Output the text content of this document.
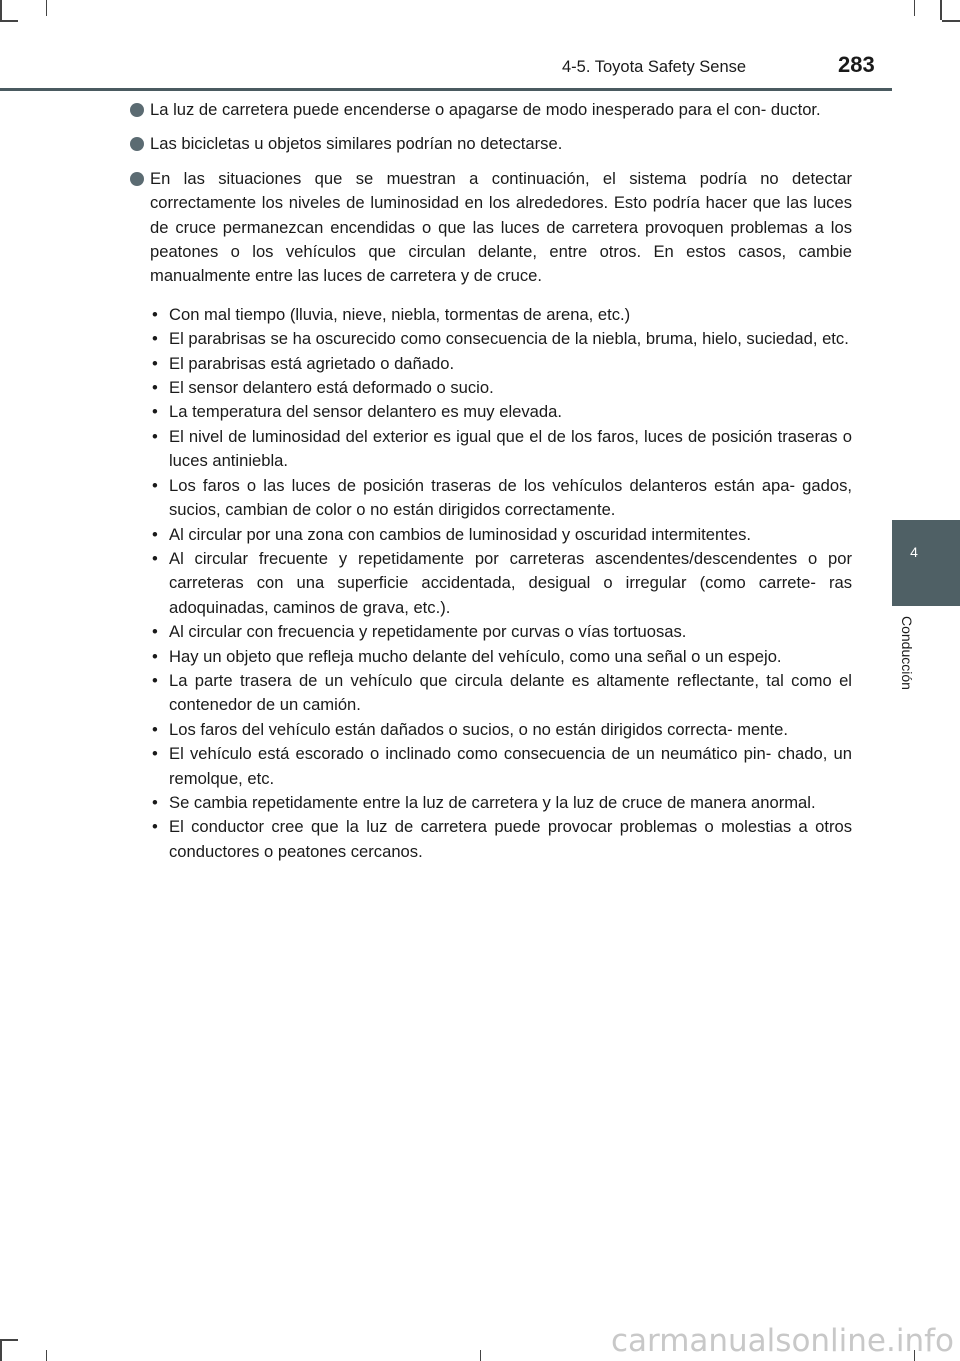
4-5. Toyota Safety Sense	283
4
Conducción

La luz de carretera puede encenderse o apagarse de modo inesperado para el con- ductor.

Las bicicletas u objetos similares podrían no detectarse.

En las situaciones que se muestran a continuación, el sistema podría no detectar correctamente los niveles de luminosidad en los alrededores. Esto podría hacer que las luces de cruce permanezcan encendidas o que las luces de carretera provoquen problemas a los peatones o los vehículos que circulan delante, entre otros. En estos casos, cambie manualmente entre las luces de carretera y de cruce.

• Con mal tiempo (lluvia, nieve, niebla, tormentas de arena, etc.)
• El parabrisas se ha oscurecido como consecuencia de la niebla, bruma, hielo, suciedad, etc.
• El parabrisas está agrietado o dañado.
• El sensor delantero está deformado o sucio.
• La temperatura del sensor delantero es muy elevada.
• El nivel de luminosidad del exterior es igual que el de los faros, luces de posición traseras o luces antiniebla.
• Los faros o las luces de posición traseras de los vehículos delanteros están apa- gados, sucios, cambian de color o no están dirigidos correctamente.
• Al circular por una zona con cambios de luminosidad y oscuridad intermitentes.
• Al circular frecuente y repetidamente por carreteras ascendentes/descendentes o por carreteras con una superficie accidentada, desigual o irregular (como carrete- ras adoquinadas, caminos de grava, etc.).
• Al circular con frecuencia y repetidamente por curvas o vías tortuosas.
• Hay un objeto que refleja mucho delante del vehículo, como una señal o un espejo.
• La parte trasera de un vehículo que circula delante es altamente reflectante, tal como el contenedor de un camión.
• Los faros del vehículo están dañados o sucios, o no están dirigidos correcta- mente.
• El vehículo está escorado o inclinado como consecuencia de un neumático pin- chado, un remolque, etc.
• Se cambia repetidamente entre la luz de carretera y la luz de cruce de manera anormal.
• El conductor cree que la luz de carretera puede provocar problemas o molestias a otros conductores o peatones cercanos.
carmanualsonline.info
